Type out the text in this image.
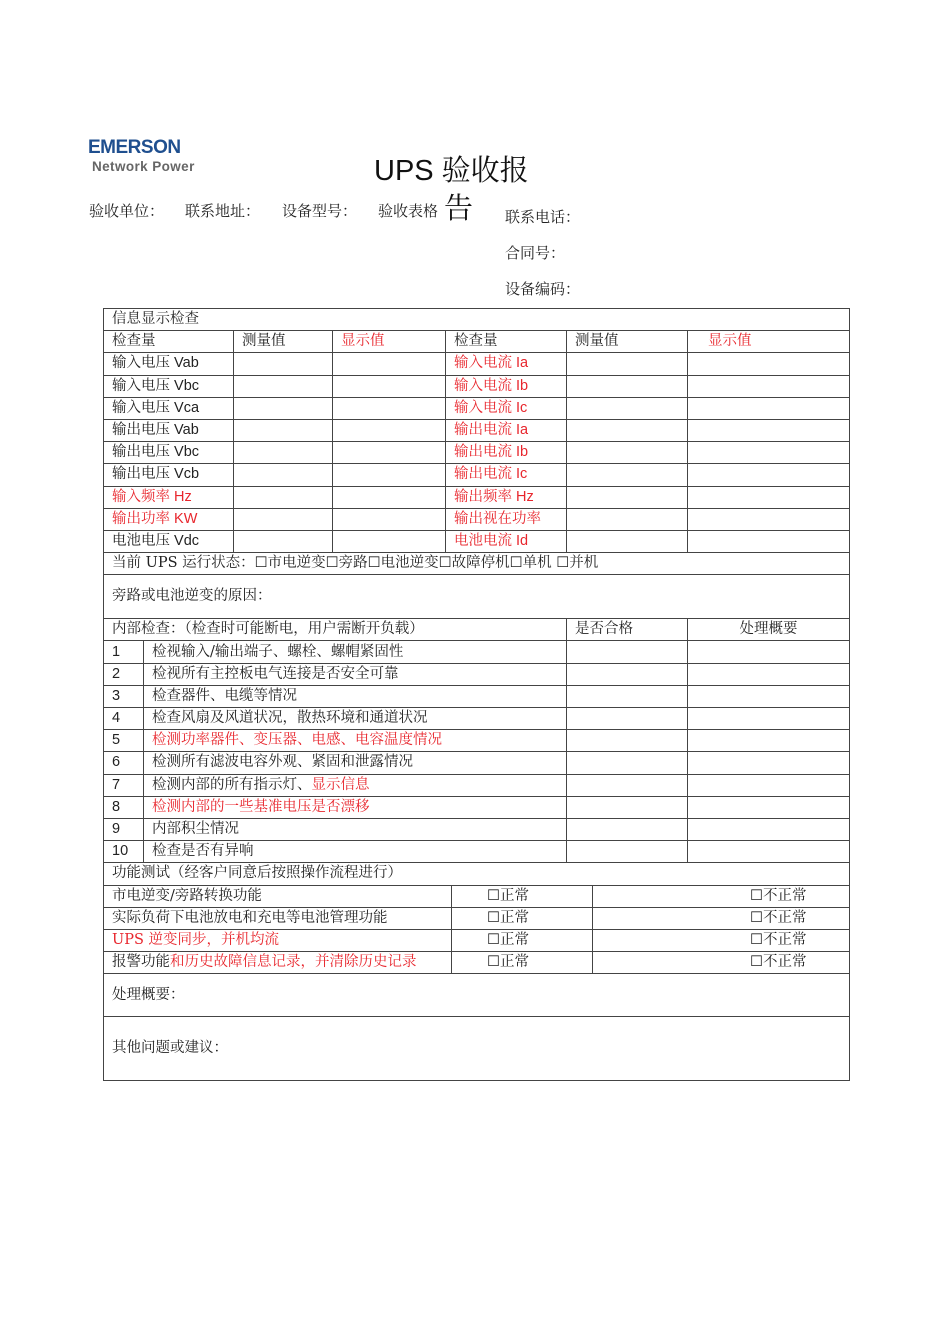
EMERSON
Network Power	UPS 验收报
告
验收单位： 联系地址： 设备型号： 验收表格	联系电话：
合同号：
设备编码：
信息显示检查								
检查量		测量值	显示值	检查量		测量值		显示值
输入电压 Vab				输入电流 Ia				
输入电压 Vbc				输入电流 Ib				
输入电压 Vca				输入电流 Ic				
输出电压 Vab				输出电流 Ia				
输出电压 Vbc				输出电流 Ib				
输出电压 Vcb				输出电流 Ic				
输入频率 Hz				输出频率 Hz				
输出功率 KW				输出视在功率				
电池电压 Vdc				电池电流 Id				
当前 UPS 运行状态：☐市电逆变☐旁路☐电池逆变☐故障停机☐单机 ☐并机								
旁路或电池逆变的原因：								
内部检查：（检查时可能断电，用户需断开负载）						是否合格		处理概要
1	检视输入/输出端子、螺栓、螺帽紧固性							
2	检视所有主控板电气连接是否安全可靠							
3	检查器件、电缆等情况							
4	检查风扇及风道状况，散热环境和通道状况							
5	检测功率器件、变压器、电感、电容温度情况							
6	检测所有滤波电容外观、紧固和泄露情况							
7	检测内部的所有指示灯、显示信息							
8	检测内部的一些基准电压是否漂移							
9	内部积尘情况							
10	检查是否有异响							
功能测试（经客户同意后按照操作流程进行）								
市电逆变/旁路转换功能					☐正常		☐不正常	
实际负荷下电池放电和充电等电池管理功能					☐正常		☐不正常	
UPS 逆变同步，并机均流					☐正常		☐不正常	
报警功能和历史故障信息记录，并清除历史记录					☐正常		☐不正常	
处理概要：								
其他问题或建议：								
